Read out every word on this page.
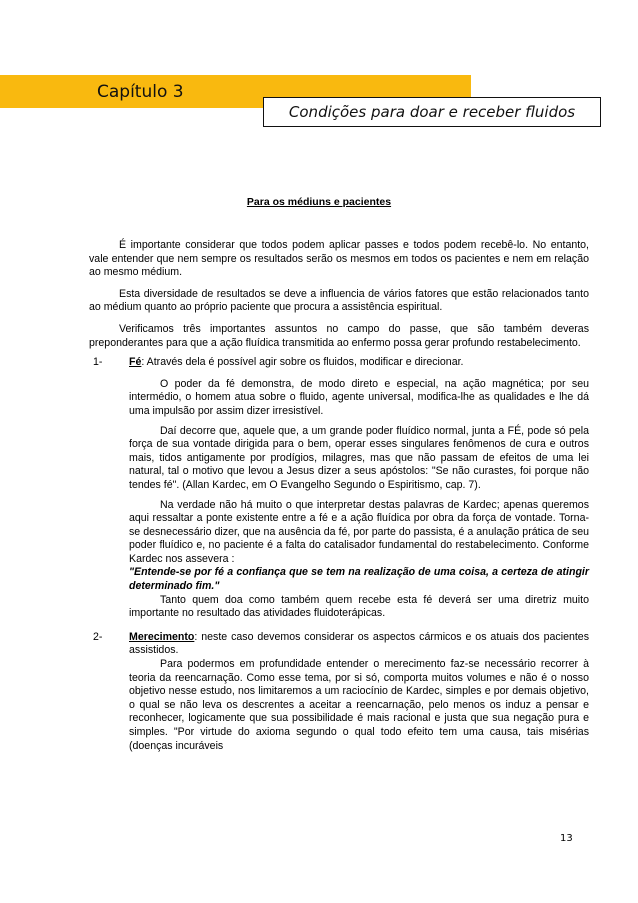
Capítulo 3
Condições para doar e receber fluidos
Para os médiuns e pacientes

É importante considerar que todos podem aplicar passes e todos podem recebê-lo. No entanto, vale entender que nem sempre os resultados serão os mesmos em todos os pacientes e nem em relação ao mesmo médium.

Esta diversidade de resultados se deve a influencia de vários fatores que estão relacionados tanto ao médium quanto ao próprio paciente que procura a assistência espiritual.

Verificamos três importantes assuntos no campo do passe, que são também deveras preponderantes para que a ação fluídica transmitida ao enfermo possa gerar profundo restabelecimento.

1-	Fé: Através dela é possível agir sobre os fluidos, modificar e direcionar.

O poder da fé demonstra, de modo direto e especial, na ação magnética; por seu intermédio, o homem atua sobre o fluido, agente universal, modifica-lhe as qualidades e lhe dá uma impulsão por assim dizer irresistível.

Daí decorre que, aquele que, a um grande poder fluídico normal, junta a FÉ, pode só pela força de sua vontade dirigida para o bem, operar esses singulares fenômenos de cura e outros mais, tidos antigamente por prodígios, milagres, mas que não passam de efeitos de uma lei natural, tal o motivo que levou a Jesus dizer a seus apóstolos: "Se não curastes, foi porque não tendes fé". (Allan Kardec, em O Evangelho Segundo o Espiritismo, cap. 7).

Na verdade não há muito o que interpretar destas palavras de Kardec; apenas queremos aqui ressaltar a ponte existente entre a fé e a ação fluídica por obra da força de vontade. Torna-se desnecessário dizer, que na ausência da fé, por parte do passista, é a anulação prática de seu poder fluídico e, no paciente é a falta do catalisador fundamental do restabelecimento. Conforme Kardec nos assevera :

"Entende-se por fé a confiança que se tem na realização de uma coisa, a certeza de atingir determinado fim."

Tanto quem doa como também quem recebe esta fé deverá ser uma diretriz muito importante no resultado das atividades fluidoterápicas.

2-	Merecimento: neste caso devemos considerar os aspectos cármicos e os atuais dos pacientes assistidos.

Para podermos em profundidade entender o merecimento faz-se necessário recorrer à teoria da reencarnação. Como esse tema, por si só, comporta muitos volumes e não é o nosso objetivo nesse estudo, nos limitaremos a um raciocínio de Kardec, simples e por demais objetivo, o qual se não leva os descrentes a aceitar a reencarnação, pelo menos os induz a pensar e reconhecer, logicamente que sua possibilidade é mais racional e justa que sua negação pura e simples. "Por virtude do axioma segundo o qual todo efeito tem uma causa, tais misérias (doenças incuráveis

13
